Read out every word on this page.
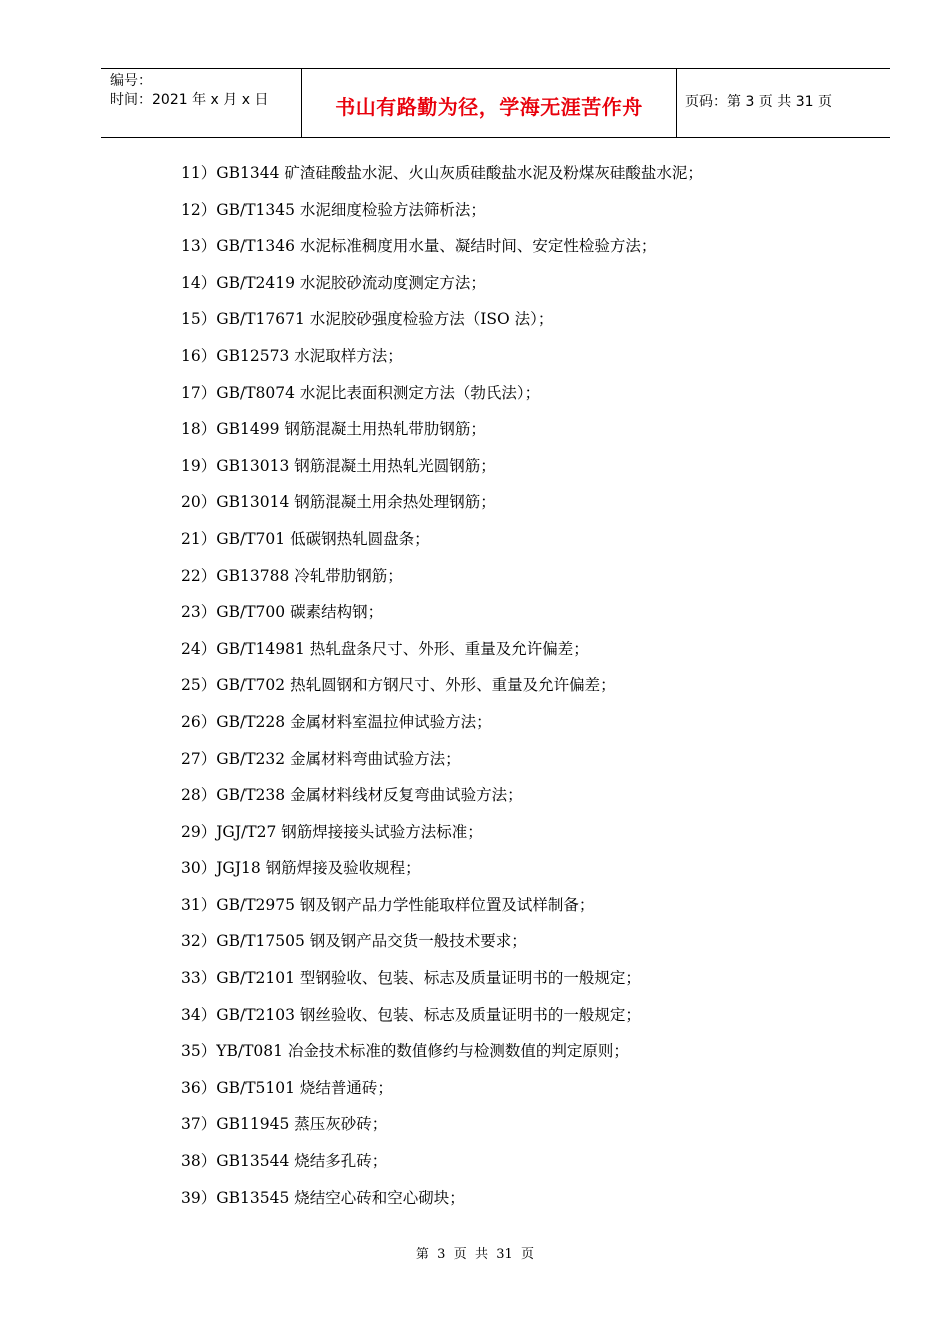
编号：
时间：2021 年 x 月 x 日	书山有路勤为径，学海无涯苦作舟	页码：第 3 页 共 31 页
11）GB1344 矿渣硅酸盐水泥、火山灰质硅酸盐水泥及粉煤灰硅酸盐水泥；
12）GB/T1345 水泥细度检验方法筛析法；
13）GB/T1346 水泥标准稠度用水量、凝结时间、安定性检验方法；
14）GB/T2419 水泥胶砂流动度测定方法；
15）GB/T17671 水泥胶砂强度检验方法（ISO 法）；
16）GB12573 水泥取样方法；
17）GB/T8074 水泥比表面积测定方法（勃氏法）；
18）GB1499 钢筋混凝土用热轧带肋钢筋；
19）GB13013 钢筋混凝土用热轧光圆钢筋；
20）GB13014 钢筋混凝土用余热处理钢筋；
21）GB/T701 低碳钢热轧圆盘条；
22）GB13788 冷轧带肋钢筋；
23）GB/T700 碳素结构钢；
24）GB/T14981 热轧盘条尺寸、外形、重量及允许偏差；
25）GB/T702 热轧圆钢和方钢尺寸、外形、重量及允许偏差；
26）GB/T228 金属材料室温拉伸试验方法；
27）GB/T232 金属材料弯曲试验方法；
28）GB/T238 金属材料线材反复弯曲试验方法；
29）JGJ/T27 钢筋焊接接头试验方法标准；
30）JGJ18 钢筋焊接及验收规程；
31）GB/T2975 钢及钢产品力学性能取样位置及试样制备；
32）GB/T17505 钢及钢产品交货一般技术要求；
33）GB/T2101 型钢验收、包装、标志及质量证明书的一般规定；
34）GB/T2103 钢丝验收、包装、标志及质量证明书的一般规定；
35）YB/T081 冶金技术标准的数值修约与检测数值的判定原则；
36）GB/T5101 烧结普通砖；
37）GB11945 蒸压灰砂砖；
38）GB13544 烧结多孔砖；
39）GB13545 烧结空心砖和空心砌块；
第  3  页  共  31  页
